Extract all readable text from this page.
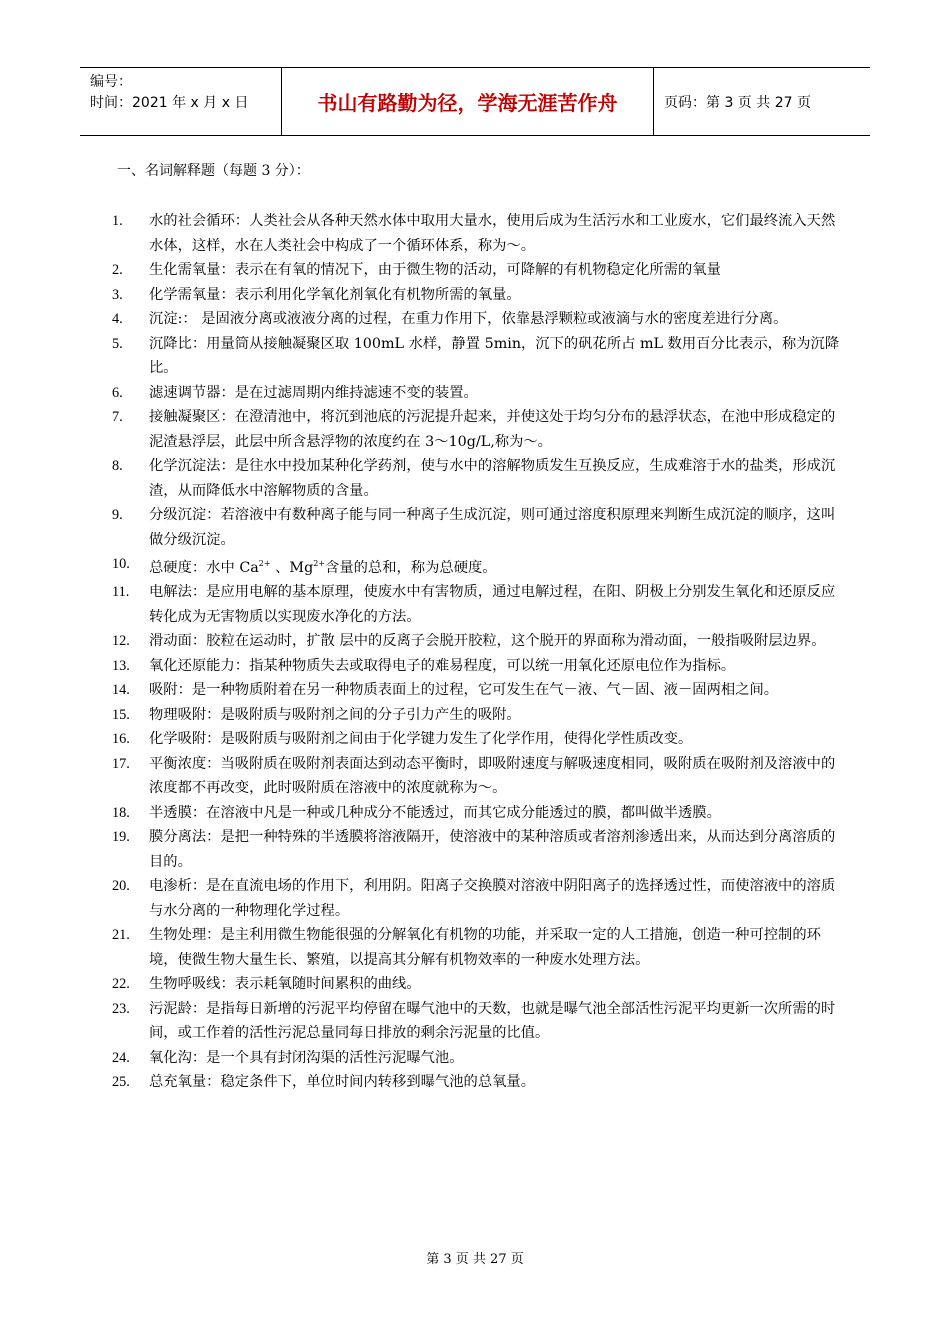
编号：
时间：2021 年 x 月 x 日	书山有路勤为径，学海无涯苦作舟	页码：第 3 页 共 27 页
一、名词解释题（每题 3 分）：
1.	水的社会循环：人类社会从各种天然水体中取用大量水，使用后成为生活污水和工业废水，它们最终流入天然水体，这样，水在人类社会中构成了一个循环体系，称为～。
2.	生化需氧量：表示在有氧的情况下，由于微生物的活动，可降解的有机物稳定化所需的氧量
3.	化学需氧量：表示利用化学氧化剂氧化有机物所需的氧量。
4.	沉淀:： 是固液分离或液液分离的过程，在重力作用下，依靠悬浮颗粒或液滴与水的密度差进行分离。
5.	沉降比：用量筒从接触凝聚区取 100mL 水样，静置 5min，沉下的矾花所占 mL 数用百分比表示，称为沉降比。
6.	滤速调节器：是在过滤周期内维持滤速不变的装置。
7.	接触凝聚区：在澄清池中，将沉到池底的污泥提升起来，并使这处于均匀分布的悬浮状态，在池中形成稳定的泥渣悬浮层，此层中所含悬浮物的浓度约在 3～10g/L,称为～。
8.	化学沉淀法：是往水中投加某种化学药剂，使与水中的溶解物质发生互换反应，生成难溶于水的盐类，形成沉渣，从而降低水中溶解物质的含量。
9.	分级沉淀：若溶液中有数种离子能与同一种离子生成沉淀，则可通过溶度积原理来判断生成沉淀的顺序，这叫做分级沉淀。
10.	总硬度：水中 $Ca^{2+}$ 、$Mg^{2+}$含量的总和，称为总硬度。
11.	电解法：是应用电解的基本原理，使废水中有害物质，通过电解过程，在阳、阴极上分别发生氧化和还原反应转化成为无害物质以实现废水净化的方法。
12.	滑动面：胶粒在运动时，扩散 层中的反离子会脱开胶粒，这个脱开的界面称为滑动面，一般指吸附层边界。
13.	氧化还原能力：指某种物质失去或取得电子的难易程度，可以统一用氧化还原电位作为指标。
14.	吸附：是一种物质附着在另一种物质表面上的过程，它可发生在气－液、气－固、液－固两相之间。
15.	物理吸附：是吸附质与吸附剂之间的分子引力产生的吸附。
16.	化学吸附：是吸附质与吸附剂之间由于化学键力发生了化学作用，使得化学性质改变。
17.	平衡浓度：当吸附质在吸附剂表面达到动态平衡时，即吸附速度与解吸速度相同，吸附质在吸附剂及溶液中的浓度都不再改变，此时吸附质在溶液中的浓度就称为～。
18.	半透膜：在溶液中凡是一种或几种成分不能透过，而其它成分能透过的膜，都叫做半透膜。
19.	膜分离法：是把一种特殊的半透膜将溶液隔开，使溶液中的某种溶质或者溶剂渗透出来，从而达到分离溶质的目的。
20.	电渗析：是在直流电场的作用下，利用阴。阳离子交换膜对溶液中阴阳离子的选择透过性，而使溶液中的溶质与水分离的一种物理化学过程。
21.	生物处理：是主利用微生物能很强的分解氧化有机物的功能，并采取一定的人工措施，创造一种可控制的环境，使微生物大量生长、繁殖，以提高其分解有机物效率的一种废水处理方法。
22.	生物呼吸线：表示耗氧随时间累积的曲线。
23.	污泥龄：是指每日新增的污泥平均停留在曝气池中的天数，也就是曝气池全部活性污泥平均更新一次所需的时间，或工作着的活性污泥总量同每日排放的剩余污泥量的比值。
24.	氧化沟：是一个具有封闭沟渠的活性污泥曝气池。
25.	总充氧量：稳定条件下，单位时间内转移到曝气池的总氧量。
第 3 页 共 27 页
